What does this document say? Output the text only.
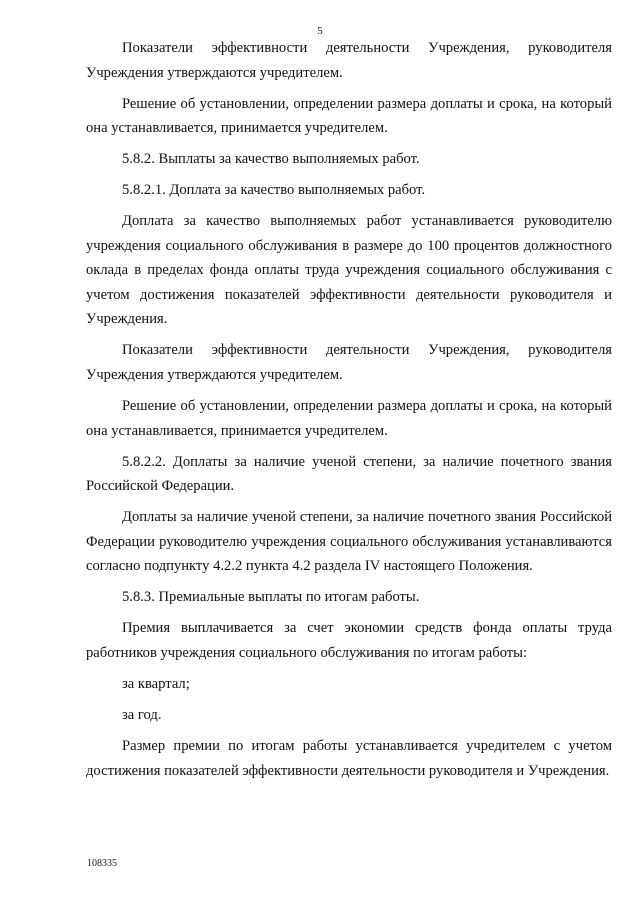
5

Показатели эффективности деятельности Учреждения, руководителя Учреждения утверждаются учредителем.

Решение об установлении, определении размера доплаты и срока, на который она устанавливается, принимается учредителем.

5.8.2. Выплаты за качество выполняемых работ.

5.8.2.1. Доплата за качество выполняемых работ.

Доплата за качество выполняемых работ устанавливается руководителю учреждения социального обслуживания в размере до 100 процентов должностного оклада в пределах фонда оплаты труда учреждения социального обслуживания с учетом достижения показателей эффективности деятельности руководителя и Учреждения.

Показатели эффективности деятельности Учреждения, руководителя Учреждения утверждаются учредителем.

Решение об установлении, определении размера доплаты и срока, на который она устанавливается, принимается учредителем.

5.8.2.2. Доплаты за наличие ученой степени, за наличие почетного звания Российской Федерации.

Доплаты за наличие ученой степени, за наличие почетного звания Российской Федерации руководителю учреждения социального обслуживания устанавливаются согласно подпункту 4.2.2 пункта 4.2 раздела IV настоящего Положения.

5.8.3. Премиальные выплаты по итогам работы.

Премия выплачивается за счет экономии средств фонда оплаты труда работников учреждения социального обслуживания по итогам работы:

за квартал;

за год.

Размер премии по итогам работы устанавливается учредителем с учетом достижения показателей эффективности деятельности руководителя и Учреждения.

108335
